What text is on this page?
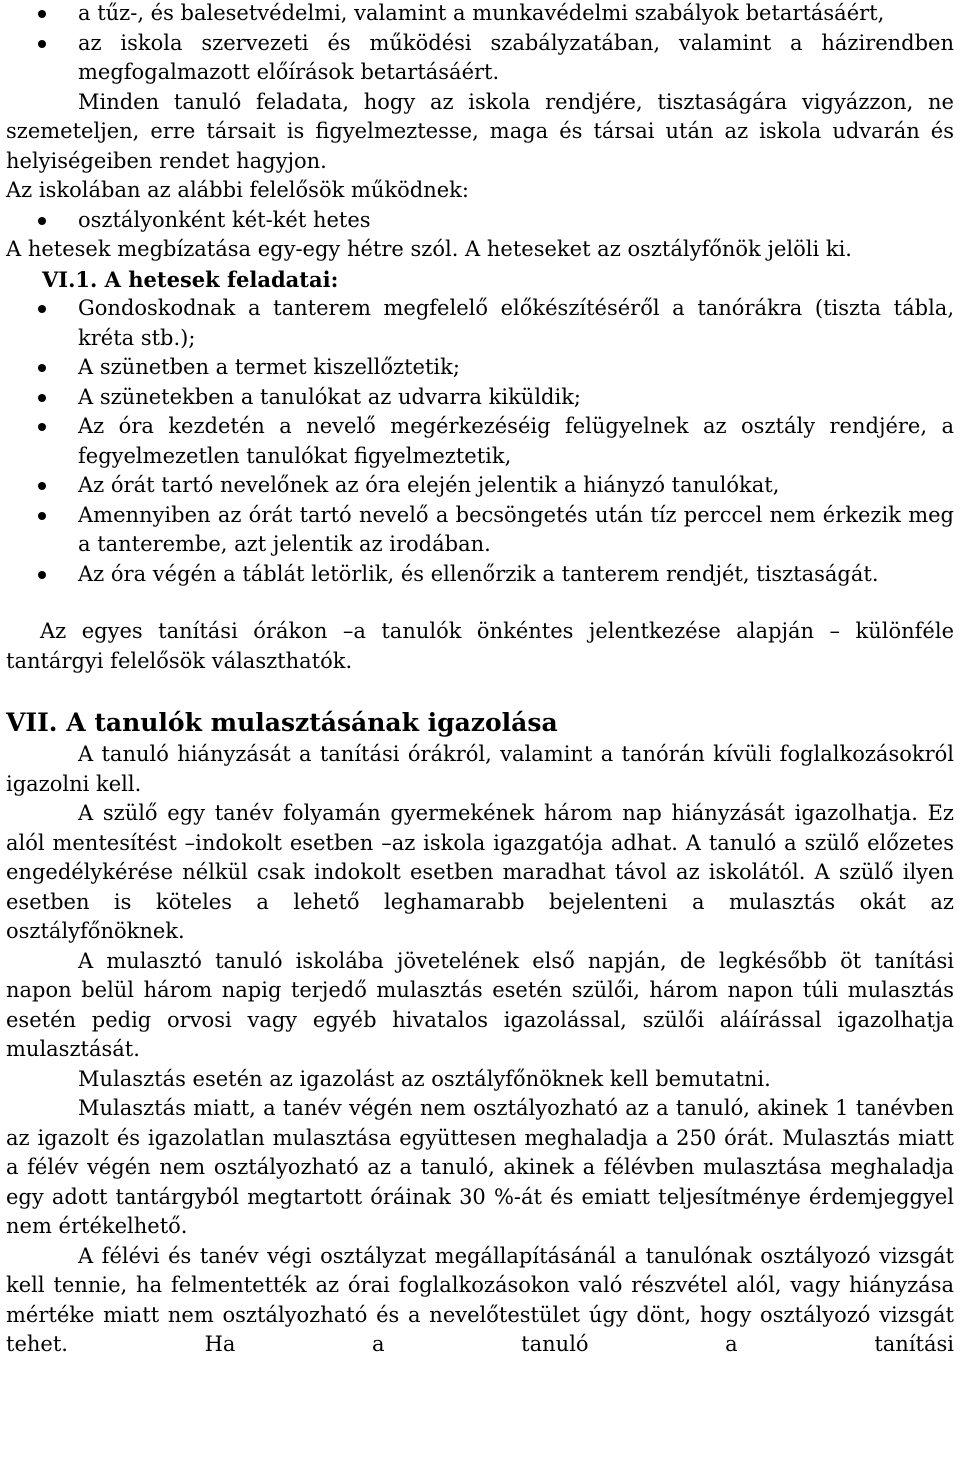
a tűz-, és balesetvédelmi, valamint a munkavédelmi szabályok betartásáért,
az iskola szervezeti és működési szabályzatában, valamint a házirendben megfogalmazott előírások betartásáért.

Minden tanuló feladata, hogy az iskola rendjére, tisztaságára vigyázzon, ne szemeteljen, erre társait is figyelmeztesse, maga és társai után az iskola udvarán és helyiségeiben rendet hagyjon.

Az iskolában az alábbi felelősök működnek:

osztályonként két-két hetes

A hetesek megbízatása egy-egy hétre szól. A heteseket az osztályfőnök jelöli ki.

VI.1. A hetesek feladatai:
Gondoskodnak a tanterem megfelelő előkészítéséről a tanórákra (tiszta tábla, kréta stb.);
A szünetben a termet kiszellőztetik;
A szünetekben a tanulókat az udvarra kiküldik;
Az óra kezdetén a nevelő megérkezéséig felügyelnek az osztály rendjére, a fegyelmezetlen tanulókat figyelmeztetik,
Az órát tartó nevelőnek az óra elején jelentik a hiányzó tanulókat,
Amennyiben az órát tartó nevelő a becsöngetés után tíz perccel nem érkezik meg a tanterembe, azt jelentik az irodában.
Az óra végén a táblát letörlik, és ellenőrzik a tanterem rendjét, tisztaságát.

Az egyes tanítási órákon –a tanulók önkéntes jelentkezése alapján – különféle tantárgyi felelősök választhatók.

VII. A tanulók mulasztásának igazolása

A tanuló hiányzását a tanítási órákról, valamint a tanórán kívüli foglalkozásokról igazolni kell.

A szülő egy tanév folyamán gyermekének három nap hiányzását igazolhatja. Ez alól mentesítést –indokolt esetben –az iskola igazgatója adhat. A tanuló a szülő előzetes engedélykérése nélkül csak indokolt esetben maradhat távol az iskolától. A szülő ilyen esetben is köteles a lehető leghamarabb bejelenteni a mulasztás okát az osztályfőnöknek.

A mulasztó tanuló iskolába jövetelének első napján, de legkésőbb öt tanítási napon belül három napig terjedő mulasztás esetén szülői, három napon túli mulasztás esetén pedig orvosi vagy egyéb hivatalos igazolással, szülői aláírással igazolhatja mulasztását.

Mulasztás esetén az igazolást az osztályfőnöknek kell bemutatni.

Mulasztás miatt, a tanév végén nem osztályozható az a tanuló, akinek 1 tanévben az igazolt és igazolatlan mulasztása együttesen meghaladja a 250 órát. Mulasztás miatt a félév végén nem osztályozható az a tanuló, akinek a félévben mulasztása meghaladja egy adott tantárgyból megtartott óráinak 30 %-át és emiatt teljesítménye érdemjeggyel nem értékelhető.

A félévi és tanév végi osztályzat megállapításánál a tanulónak osztályozó vizsgát kell tennie, ha felmentették az órai foglalkozásokon való részvétel alól, vagy hiányzása mértéke miatt nem osztályozható és a nevelőtestület úgy dönt, hogy osztályozó vizsgát tehet. Ha a tanuló a tanítási
